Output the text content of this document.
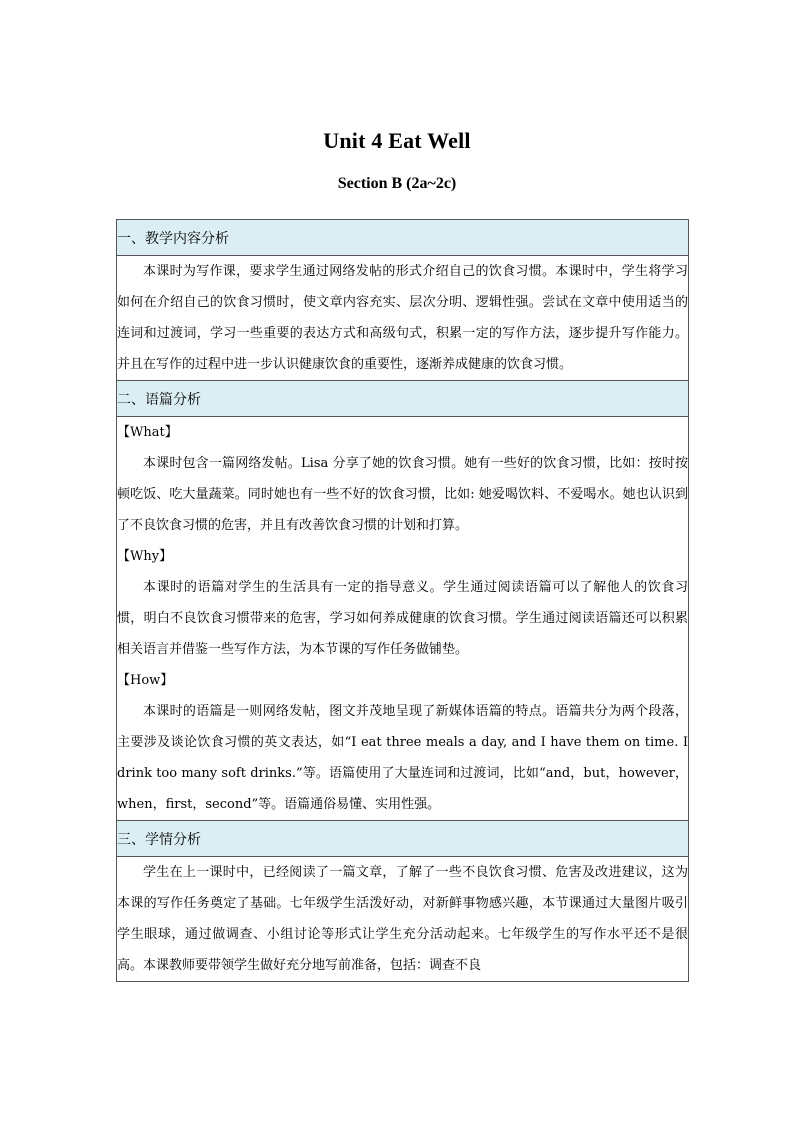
Unit 4 Eat Well
Section B (2a~2c)
一、教学内容分析

本课时为写作课，要求学生通过网络发帖的形式介绍自己的饮食习惯。本课时中，学生将学习如何在介绍自己的饮食习惯时，使文章内容充实、层次分明、逻辑性强。尝试在文章中使用适当的连词和过渡词，学习一些重要的表达方式和高级句式，积累一定的写作方法，逐步提升写作能力。并且在写作的过程中进一步认识健康饮食的重要性，逐渐养成健康的饮食习惯。

二、语篇分析

【What】

本课时包含一篇网络发帖。Lisa 分享了她的饮食习惯。她有一些好的饮食习惯，比如：按时按顿吃饭、吃大量蔬菜。同时她也有一些不好的饮食习惯，比如: 她爱喝饮料、不爱喝水。她也认识到了不良饮食习惯的危害，并且有改善饮食习惯的计划和打算。

【Why】

本课时的语篇对学生的生活具有一定的指导意义。学生通过阅读语篇可以了解他人的饮食习惯，明白不良饮食习惯带来的危害，学习如何养成健康的饮食习惯。学生通过阅读语篇还可以积累相关语言并借鉴一些写作方法，为本节课的写作任务做铺垫。

【How】

本课时的语篇是一则网络发帖，图文并茂地呈现了新媒体语篇的特点。语篇共分为两个段落，主要涉及谈论饮食习惯的英文表达，如“I eat three meals a day, and I have them on time. I drink too many soft drinks.”等。语篇使用了大量连词和过渡词，比如“and，but，however，when，first，second”等。语篇通俗易懂、实用性强。

三、学情分析

学生在上一课时中，已经阅读了一篇文章，了解了一些不良饮食习惯、危害及改进建议，这为本课的写作任务奠定了基础。七年级学生活泼好动，对新鲜事物感兴趣，本节课通过大量图片吸引学生眼球，通过做调查、小组讨论等形式让学生充分活动起来。七年级学生的写作水平还不是很高。本课教师要带领学生做好充分地写前准备，包括：调查不良
